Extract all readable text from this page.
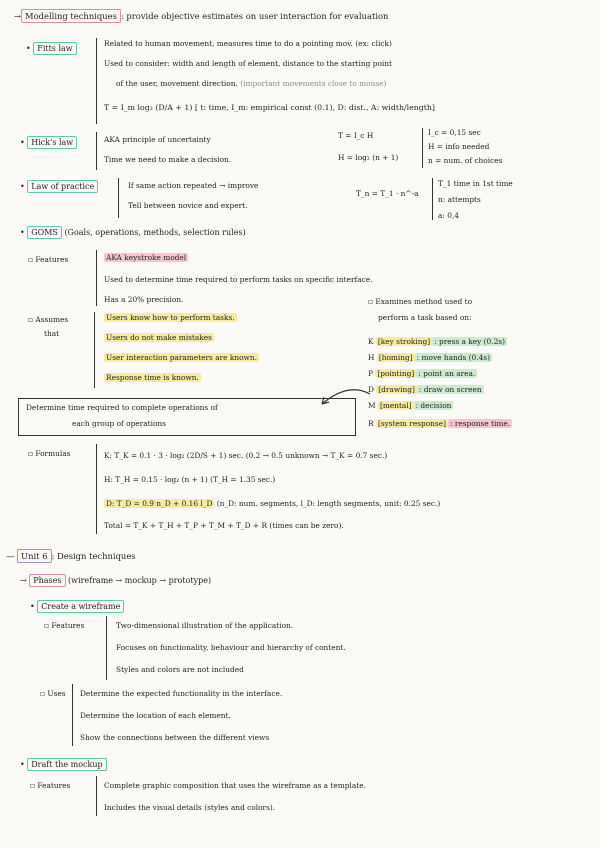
→ Modelling techniques : provide objective estimates on user interaction for evaluation
• Fitts law
Related to human movement, measures time to do a pointing mov. (ex: click)
Used to consider: width and length of element, distance to the starting point
of the user, movement direction. (important movements close to mouse)
T = I_m log₂ (D/A + 1) [ t: time, I_m: empirical const (0.1), D: dist., A: width/length]
• Hick's law	AKA principle of uncertainty
Time we need to make a decision.
T = I_c H
H = log₂ (n + 1)
I_c = 0,15 sec
H = info needed
n = num. of choices
• Law of practice	If same action repeated → improve
Tell between novice and expert.
T_n = T_1 · n^-a
T_1 time in 1st time
n: attempts
a: 0,4
• GOMS (Goals, operations, methods, selection rules)
▫ Features	AKA keystroke model
Used to determine time required to perform tasks on specific interface.
Has a 20% precision.
▫ Assumes
that
Users know how to perform tasks.
Users do not make mistakes
User interaction parameters are known.
Response time is known.
▫ Examines method used to
perform a task based on:
K [key stroking] : press a key (0.2s)
H [homing] : move hands (0.4s)
P [pointing] : point an area.
D [drawing] : draw on screen
M [mental] : decision
R [system response] : response time.
Determine time required to complete operations of
each group of operations
▫ Formulas	K: T_K = 0.1 · 3 · log₂ (2D/S + 1) sec. (0.2 → 0.5 unknown → T_K = 0.7 sec.)
H: T_H = 0.15 · log₂ (n + 1) (T_H = 1.35 sec.)
D: T_D = 0.9 n_D + 0.16 l_D (n_D: num. segments, l_D: length segments, unit: 0.25 sec.)
Total = T_K + T_H + T_P + T_M + T_D + R (times can be zero).
— Unit 6 : Design techniques
→ Phases (wireframe → mockup → prototype)
• Create a wireframe
▫ Features	Two-dimensional illustration of the application.
Focuses on functionality, behaviour and hierarchy of content.
Styles and colors are not included
▫ Uses Determine the expected functionality in the interface.
Determine the location of each element.
Show the connections between the different views
• Draft the mockup
▫ Features	Complete graphic composition that uses the wireframe as a template.
Includes the visual details (styles and colors).
